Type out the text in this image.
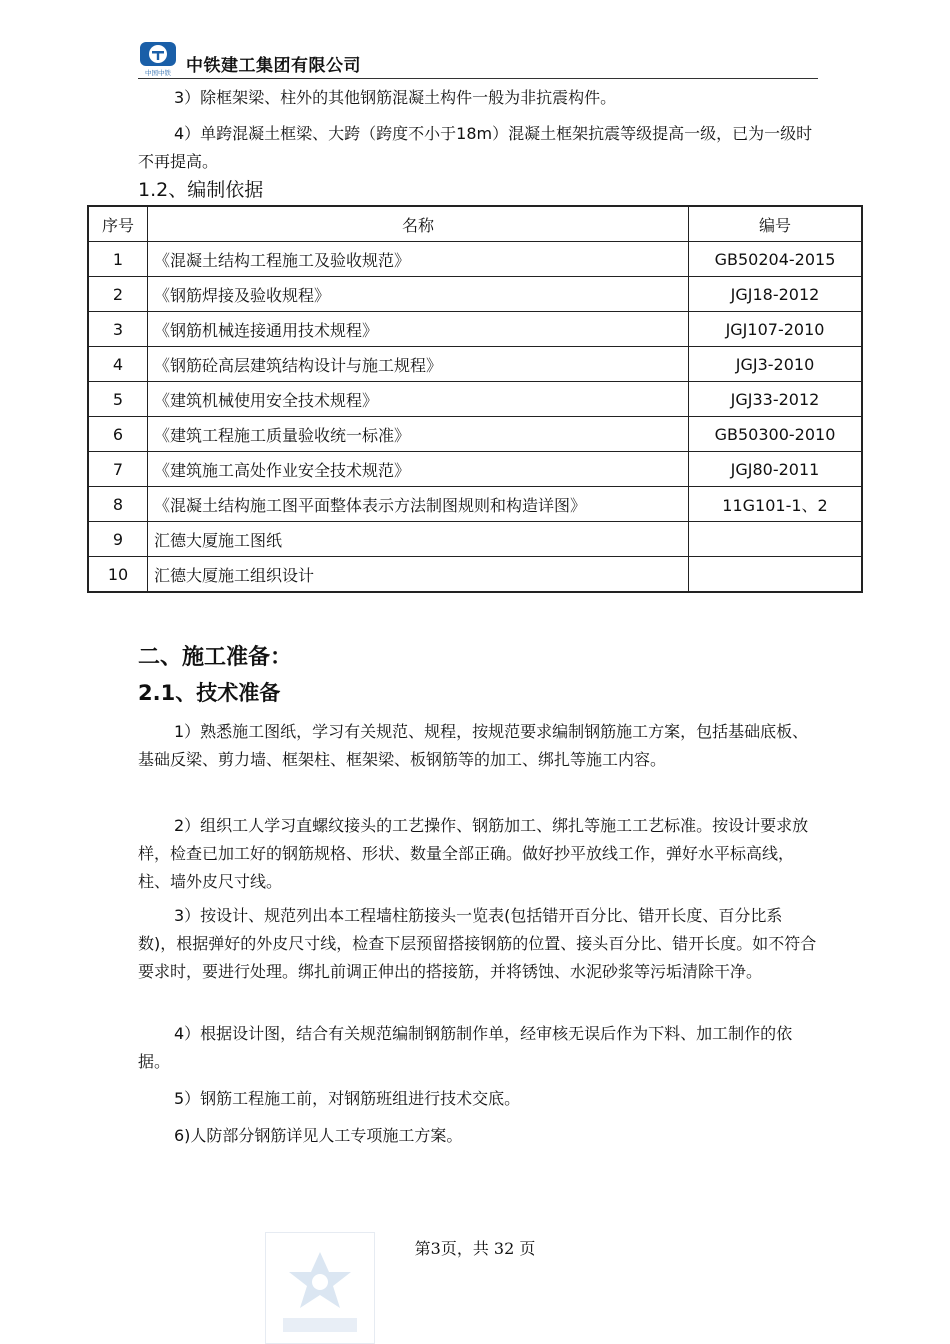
中国中铁 中铁建工集团有限公司
3）除框架梁、柱外的其他钢筋混凝土构件一般为非抗震构件。
4）单跨混凝土框梁、大跨（跨度不小于18m）混凝土框架抗震等级提高一级，已为一级时不再提高。
1.2、编制依据
序号	名称	编号
1	《混凝土结构工程施工及验收规范》	GB50204-2015
2	《钢筋焊接及验收规程》	JGJ18-2012
3	《钢筋机械连接通用技术规程》	JGJ107-2010
4	《钢筋砼高层建筑结构设计与施工规程》	JGJ3-2010
5	《建筑机械使用安全技术规程》	JGJ33-2012
6	《建筑工程施工质量验收统一标准》	GB50300-2010
7	《建筑施工高处作业安全技术规范》	JGJ80-2011
8	《混凝土结构施工图平面整体表示方法制图规则和构造详图》	11G101-1、2
9	汇德大厦施工图纸	
10	汇德大厦施工组织设计	
二、施工准备：
2.1、技术准备
1）熟悉施工图纸，学习有关规范、规程，按规范要求编制钢筋施工方案，包括基础底板、基础反梁、剪力墙、框架柱、框架梁、板钢筋等的加工、绑扎等施工内容。
2）组织工人学习直螺纹接头的工艺操作、钢筋加工、绑扎等施工工艺标准。按设计要求放样，检查已加工好的钢筋规格、形状、数量全部正确。做好抄平放线工作，弹好水平标高线，柱、墙外皮尺寸线。
3）按设计、规范列出本工程墙柱筋接头一览表(包括错开百分比、错开长度、百分比系数)，根据弹好的外皮尺寸线，检查下层预留搭接钢筋的位置、接头百分比、错开长度。如不符合要求时，要进行处理。绑扎前调正伸出的搭接筋，并将锈蚀、水泥砂浆等污垢清除干净。
4）根据设计图，结合有关规范编制钢筋制作单，经审核无误后作为下料、加工制作的依据。
5）钢筋工程施工前，对钢筋班组进行技术交底。
6)人防部分钢筋详见人工专项施工方案。
第3页，共 32 页
